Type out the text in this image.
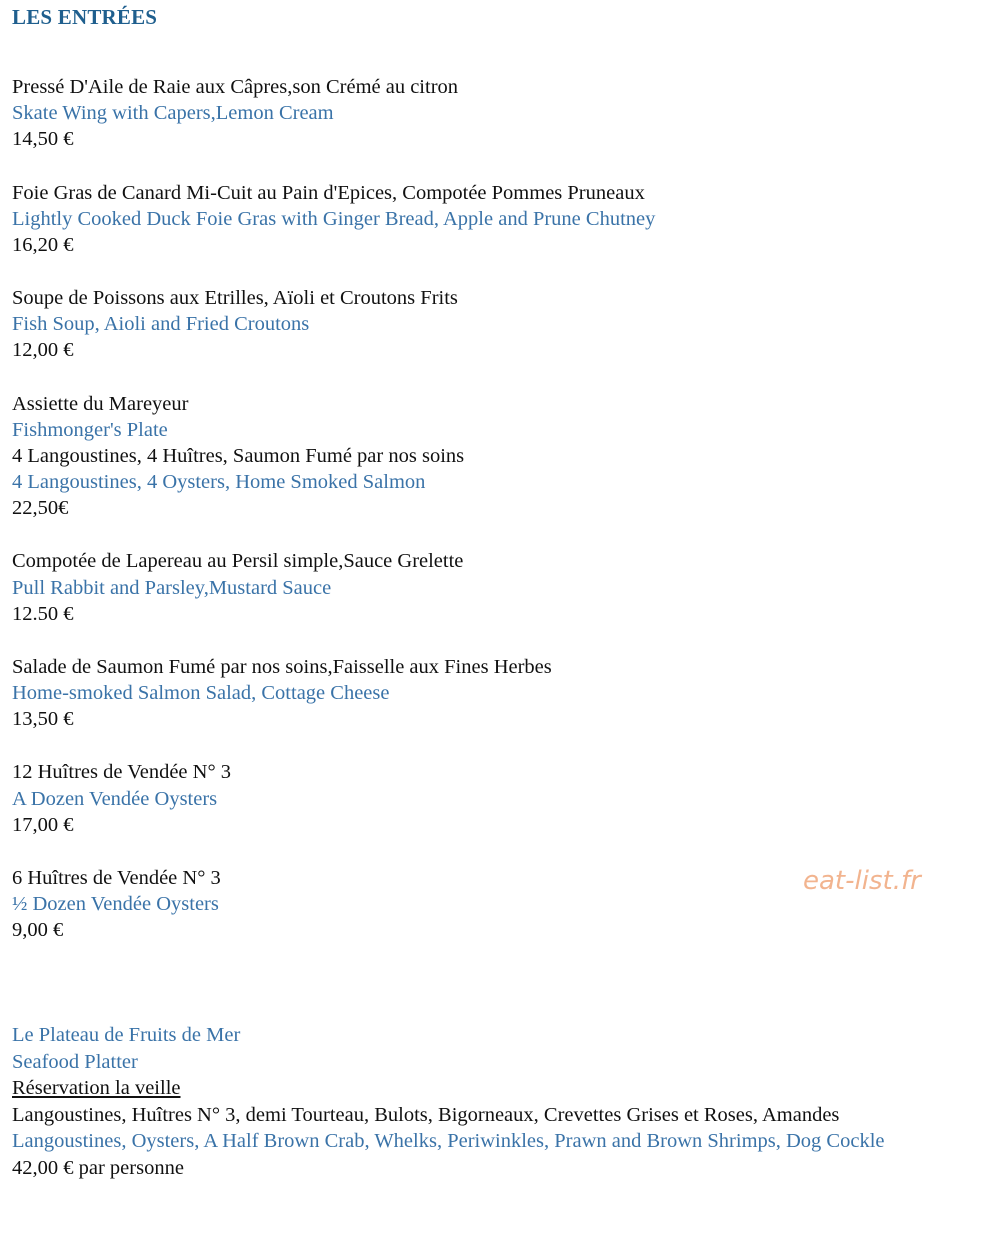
LES ENTRÉES
Pressé D'Aile de Raie aux Câpres,son Crémé au citron
Skate Wing with Capers,Lemon Cream
14,50 €
Foie Gras de Canard Mi-Cuit au Pain d'Epices, Compotée Pommes Pruneaux
Lightly Cooked Duck Foie Gras with Ginger Bread, Apple and Prune Chutney
16,20 €
Soupe de Poissons aux Etrilles, Aïoli et Croutons Frits
Fish Soup, Aioli and Fried Croutons
12,00 €
Assiette du Mareyeur
Fishmonger's Plate
4 Langoustines, 4 Huîtres, Saumon Fumé par nos soins
4 Langoustines, 4 Oysters, Home Smoked Salmon
22,50€
Compotée de Lapereau au Persil simple,Sauce Grelette
Pull Rabbit and Parsley,Mustard Sauce
12.50 €
Salade de Saumon Fumé par nos soins,Faisselle aux Fines Herbes
Home-smoked Salmon Salad, Cottage Cheese
13,50 €
12 Huîtres de Vendée N° 3
A Dozen Vendée Oysters
17,00 €
6 Huîtres de Vendée N° 3
½ Dozen Vendée Oysters
9,00 €
Le Plateau de Fruits de Mer
Seafood Platter
Réservation la veille
Langoustines, Huîtres N° 3, demi Tourteau, Bulots, Bigorneaux, Crevettes Grises et Roses, Amandes
Langoustines, Oysters, A Half Brown Crab, Whelks, Periwinkles, Prawn and Brown Shrimps, Dog Cockle
42,00 € par personne
eat-list.fr
